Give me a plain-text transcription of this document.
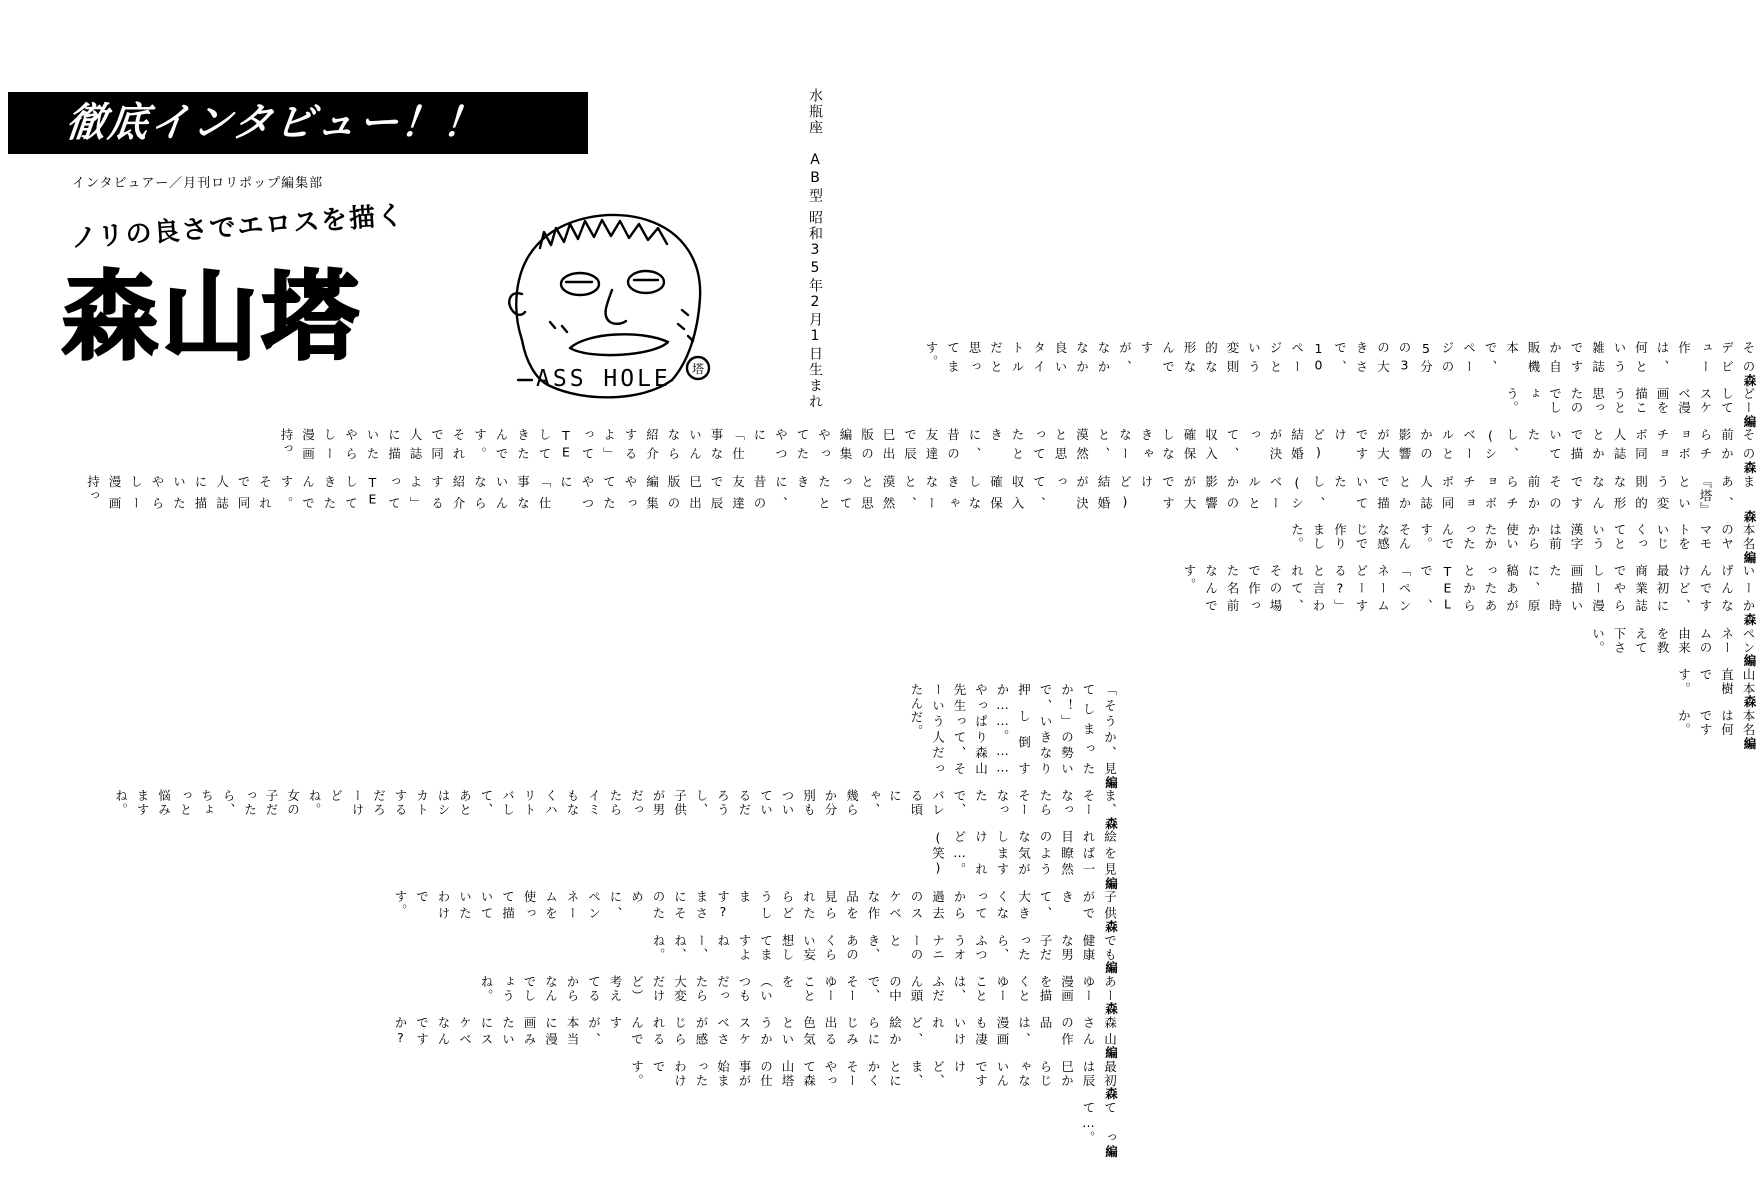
徹底インタビュー！！
インタビュアー／月刊ロリポップ編集部
ノリの良さでエロスを描く
森山塔	昭和35年2月1日生まれ
水瓶座　AB型
塔
ASS HOLE
編
本名は何ですか。
森
山本直樹です。
編
ペンネームの由来を教えて下さい。
森
いーかげんなんですけど、最初に商業誌でやらしー漫画描いた時に、原稿あがったあとからTELで、「ペンネームどーする?」と言われて、その場で作った名前なんです。
編
本名のヤマモトをいじくってという漢字は前から使いたかったんです。そんな感じで作りました。
森
まあ、『塔』という変則的な形なんですその前からチョボチョボ同人誌とかで描いてたし、(シベールとかの影響が大ですけど) 結婚が決って、収入確保しなきゃなーと、漠然と思ってたときに、昔の友達で辰巳出版の編集やってたやつに「仕事ないんなら紹介するよ」ってTEしてきたんです。それで同人誌に描いたやらしー漫画持っ
森
その前からチョボチョボ同人誌とかで描いてたし、(シベールとかの影響が大ですけど) 結婚が決って、収入確保しなきゃなーと、漠然と思ってたときに、昔の友達で辰巳出版の編集やってたやつに「仕事ないんなら紹介するよ」ってTEしてきたんです。それで同人誌に描いたやらしー漫画持っ
編
どーしてスケベ漫画を描こうと思ったのでしょう。
森
そのデビュー作は、何という雑誌ですか自販機本で、ページの5分の3の大きさで、10ページという変則的な形なんですが、なかなか良いタイトルだと思ってます。
編
てって…。
森
最初は辰巳からじゃないんですけど、ま、とにかくそーやって森山塔の仕事が始まったわけです。
編
森山さんの作品は、漫画も凄いけれど、絵からにじみ出る色気というかスケベさが感じられるんですが、本当に漫画みたいにスケベなんですか?
森
あーゆー漫画を描くとゆーことは、ふだん頭の中で、そーゆーことを（いつもだったら大変だけど）考えてるからなんでしょうね。
編
でも健康な男子だったら、ふつうオナニーのとき、あのくらい妄想してますよねー、ね、ね。
森
子供ができて、大きくなってから過去のスケベな作品を見られたらどうします?まさにそのために、ペンネームを使って描いていたわけです。
編
絵を見れば一目瞭然のような気がしますけれど…。(笑)
森
ま、そーなったらそーなったで、バレる頃にゃ、幾らか分別もついているだろうし、子供が男だったらイミもなくハリトバして、あとはシカトするだろーけどね。女の子だったら、ちょっと悩みますね。
編
「そうか、見てしまったか！」の勢いで、いきなり押し倒すか……。……やっぱり森山先生って、そーいう人だったんだ。
